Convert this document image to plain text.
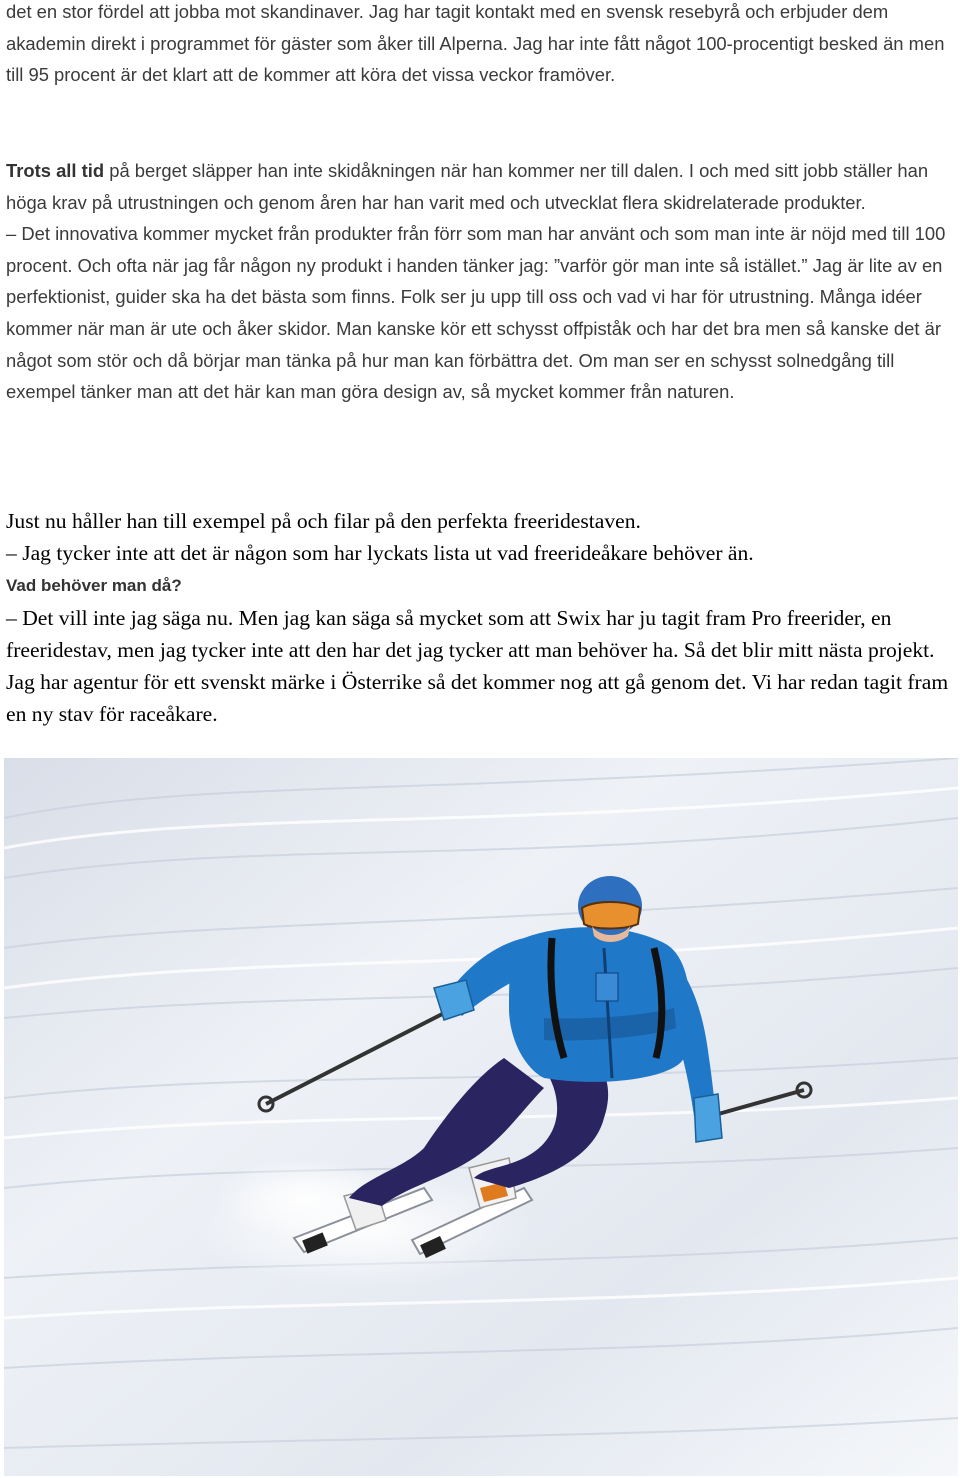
det en stor fördel att jobba mot skandinaver. Jag har tagit kontakt med en svensk resebyrå och erbjuder dem akademin direkt i programmet för gäster som åker till Alperna. Jag har inte fått något 100-procentigt besked än men till 95 procent är det klart att de kommer att köra det vissa veckor framöver.

Trots all tid på berget släpper han inte skidåkningen när han kommer ner till dalen. I och med sitt jobb ställer han höga krav på utrustningen och genom åren har han varit med och utvecklat flera skidrelaterade produkter.

– Det innovativa kommer mycket från produkter från förr som man har använt och som man inte är nöjd med till 100 procent. Och ofta när jag får någon ny produkt i handen tänker jag: ”varför gör man inte så istället.” Jag är lite av en perfektionist, guider ska ha det bästa som finns. Folk ser ju upp till oss och vad vi har för utrustning. Många idéer kommer när man är ute och åker skidor. Man kanske kör ett schysst offpiståk och har det bra men så kanske det är något som stör och då börjar man tänka på hur man kan förbättra det. Om man ser en schysst solnedgång till exempel tänker man att det här kan man göra design av, så mycket kommer från naturen.

Just nu håller han till exempel på och filar på den perfekta freeridestaven.

– Jag tycker inte att det är någon som har lyckats lista ut vad freerideåkare behöver än.

Vad behöver man då?

– Det vill inte jag säga nu. Men jag kan säga så mycket som att Swix har ju tagit fram Pro freerider, en freeridestav, men jag tycker inte att den har det jag tycker att man behöver ha. Så det blir mitt nästa projekt. Jag har agentur för ett svenskt märke i Österrike så det kommer nog att gå genom det. Vi har redan tagit fram en ny stav för raceåkare.
